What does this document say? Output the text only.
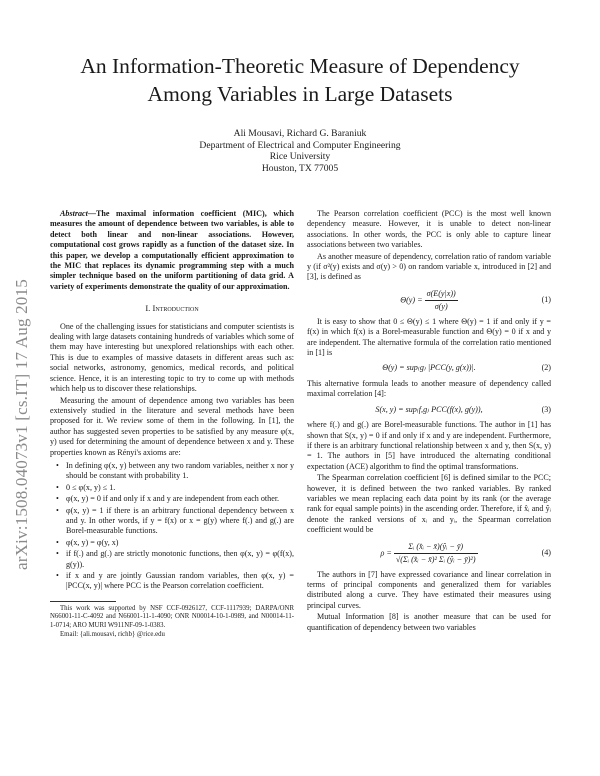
arXiv:1508.04073v1 [cs.IT] 17 Aug 2015
An Information-Theoretic Measure of Dependency
Among Variables in Large Datasets
Ali Mousavi, Richard G. Baraniuk
Department of Electrical and Computer Engineering
Rice University
Houston, TX 77005

Abstract—The maximal information coefficient (MIC), which measures the amount of dependence between two variables, is able to detect both linear and non-linear associations. However, computational cost grows rapidly as a function of the dataset size. In this paper, we develop a computationally efficient approximation to the MIC that replaces its dynamic programming step with a much simpler technique based on the uniform partitioning of data grid. A variety of experiments demonstrate the quality of our approximation.

I. Introduction

One of the challenging issues for statisticians and computer scientists is dealing with large datasets containing hundreds of variables which some of them may have interesting but unexplored relationships with each other. This is due to examples of massive datasets in different areas such as: social networks, astronomy, genomics, medical records, and political science. Hence, it is an interesting topic to try to come up with methods which help us to discover these relationships.

Measuring the amount of dependence among two variables has been extensively studied in the literature and several methods have been proposed for it. We review some of them in the following. In [1], the author has suggested seven properties to be satisfied by any measure φ(x, y) used for determining the amount of dependence between x and y. These properties known as Rényi's axioms are:

• In defining φ(x, y) between any two random variables, neither x nor y should be constant with probability 1.
• 0 ≤ φ(x, y) ≤ 1.
• φ(x, y) = 0 if and only if x and y are independent from each other.
• φ(x, y) = 1 if there is an arbitrary functional dependency between x and y. In other words, if y = f(x) or x = g(y) where f(.) and g(.) are Borel-measurable functions.
• φ(x, y) = φ(y, x)
• if f(.) and g(.) are strictly monotonic functions, then φ(x, y) = φ(f(x), g(y)).
• if x and y are jointly Gaussian random variables, then φ(x, y) = |PCC(x, y)| where PCC is the Pearson correlation coefficient.

This work was supported by NSF CCF-0926127, CCF-1117939; DARPA/ONR N66001-11-C-4092 and N66001-11-1-4090; ONR N00014-10-1-0989, and N00014-11-1-0714; ARO MURI W911NF-09-1-0383.

Email: {ali.mousavi, richb} @rice.edu

The Pearson correlation coefficient (PCC) is the most well known dependency measure. However, it is unable to detect non-linear associations. In other words, the PCC is only able to capture linear associations between two variables.

As another measure of dependency, correlation ratio of random variable y (if σ²(y) exists and σ(y) > 0) on random variable x, introduced in [2] and [3], is defined as

$\Theta(y) = \frac{\sigma(E(y|x))}{\sigma(y)}$	(1)

It is easy to show that 0 ≤ Θ(y) ≤ 1 where Θ(y) = 1 if and only if y = f(x) in which f(x) is a Borel-measurable function and Θ(y) = 0 if x and y are independent. The alternative formula of the correlation ratio mentioned in [1] is

Θ(y) = sup₍g₎ |PCC(y, g(x))|.	(2)

This alternative formula leads to another measure of dependency called maximal correlation [4]:

S(x, y) = sup₍f,g₎ PCC(f(x), g(y)),	(3)

where f(.) and g(.) are Borel-measurable functions. The author in [1] has shown that S(x, y) = 0 if and only if x and y are independent. Furthermore, if there is an arbitrary functional relationship between x and y, then S(x, y) = 1. The authors in [5] have introduced the alternating conditional expectation (ACE) algorithm to find the optimal transformations.

The Spearman correlation coefficient [6] is defined similar to the PCC; however, it is defined between the two ranked variables. By ranked variables we mean replacing each data point by its rank (or the average rank for equal sample points) in the ascending order. Therefore, if x̂ᵢ and ŷᵢ denote the ranked versions of xᵢ and yᵢ, the Spearman correlation coefficient would be

$\rho = \frac{\text{Σᵢ (x̂ᵢ − x̄)(ŷᵢ − ȳ)}}{\text{√(Σᵢ (x̂ᵢ − x̄)² Σᵢ (ŷᵢ − ȳ)²)}}$	(4)

The authors in [7] have expressed covariance and linear correlation in terms of principal components and generalized them for variables distributed along a curve. They have estimated their measures using principal curves.

Mutual Information [8] is another measure that can be used for quantification of dependency between two variables
